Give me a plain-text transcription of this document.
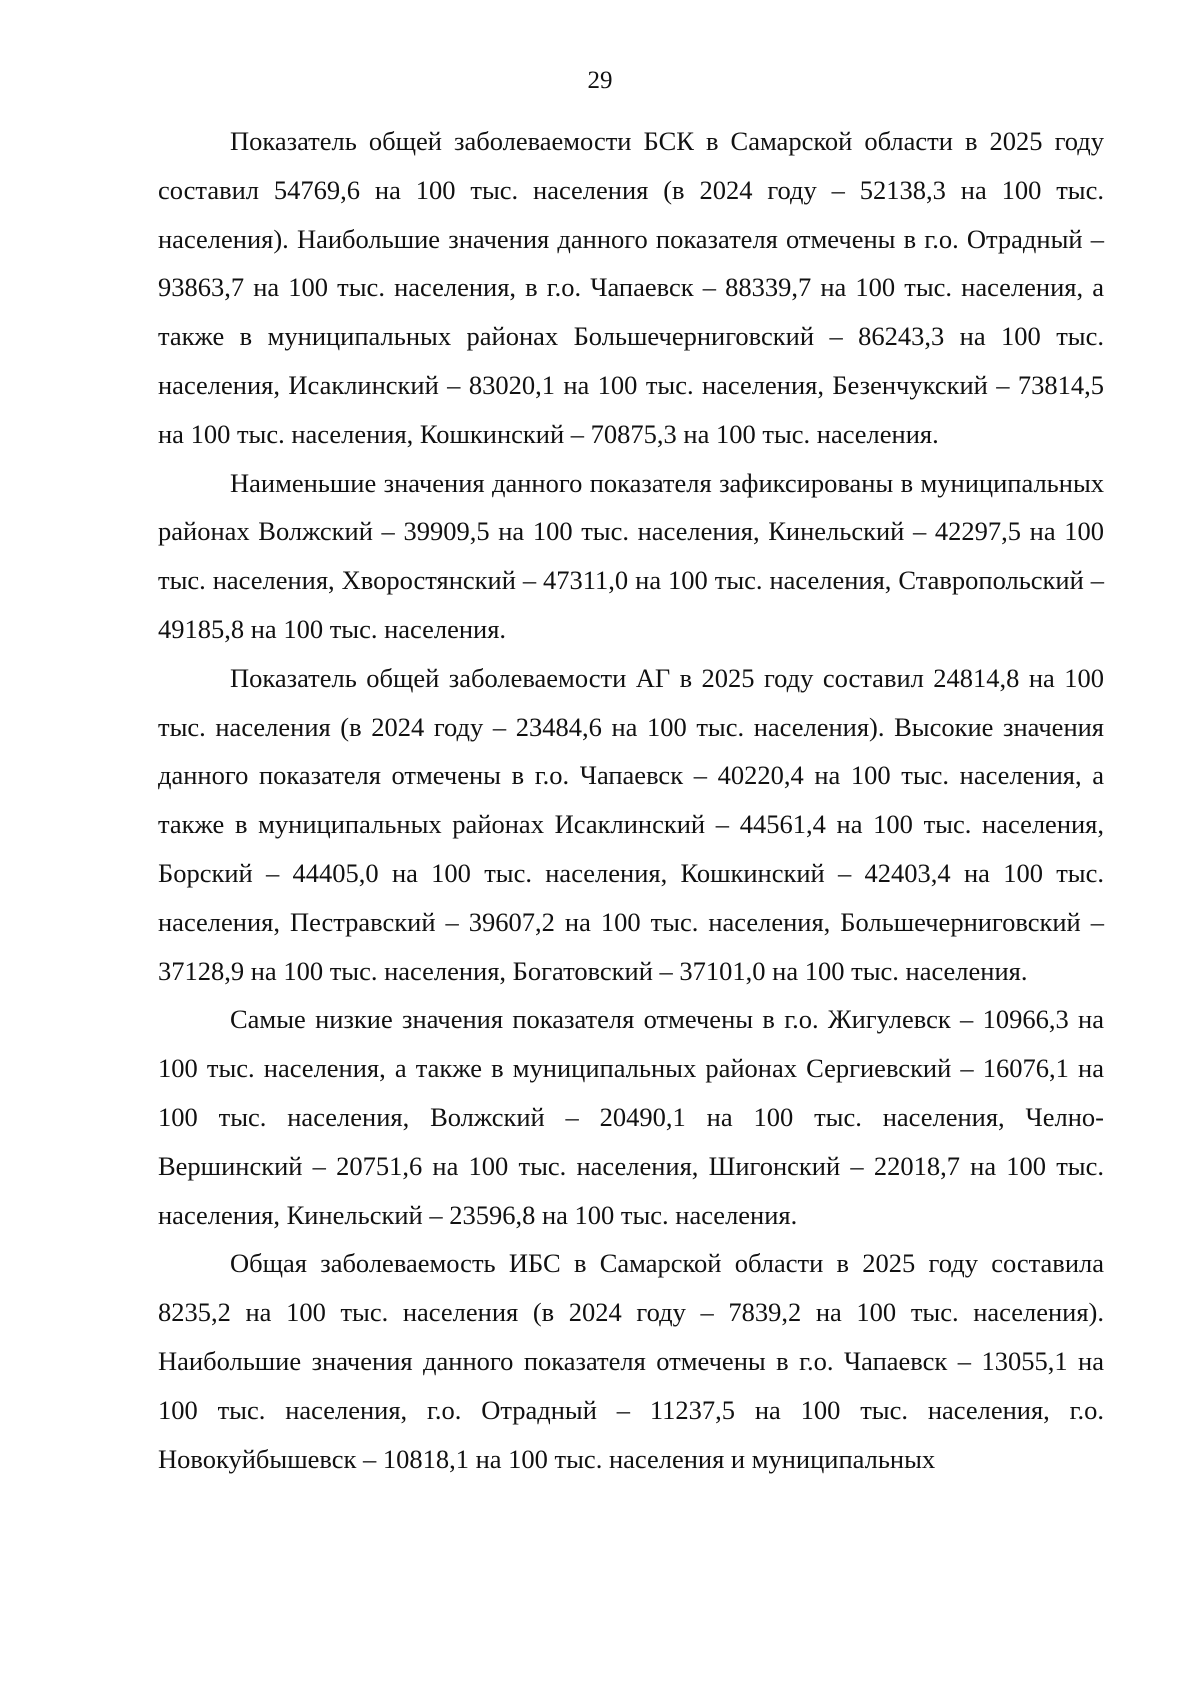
29

Показатель общей заболеваемости БСК в Самарской области в 2025 году составил 54769,6 на 100 тыс. населения (в 2024 году – 52138,3 на 100 тыс. населения). Наибольшие значения данного показателя отмечены в г.о. Отрадный – 93863,7 на 100 тыс. населения, в г.о. Чапаевск – 88339,7 на 100 тыс. населения, а также в муниципальных районах Большечерниговский – 86243,3 на 100 тыс. населения, Исаклинский – 83020,1 на 100 тыс. населения, Безенчукский – 73814,5 на 100 тыс. населения, Кошкинский – 70875,3 на 100 тыс. населения.

Наименьшие значения данного показателя зафиксированы в муниципальных районах Волжский – 39909,5 на 100 тыс. населения, Кинельский – 42297,5 на 100 тыс. населения, Хворостянский – 47311,0 на 100 тыс. населения, Ставропольский – 49185,8 на 100 тыс. населения.

Показатель общей заболеваемости АГ в 2025 году составил 24814,8 на 100 тыс. населения (в 2024 году – 23484,6 на 100 тыс. населения). Высокие значения данного показателя отмечены в г.о. Чапаевск – 40220,4 на 100 тыс. населения, а также в муниципальных районах Исаклинский – 44561,4 на 100 тыс. населения, Борский – 44405,0 на 100 тыс. населения, Кошкинский – 42403,4 на 100 тыс. населения, Пестравский – 39607,2 на 100 тыс. населения, Большечерниговский – 37128,9 на 100 тыс. населения, Богатовский – 37101,0 на 100 тыс. населения.

Самые низкие значения показателя отмечены в г.о. Жигулевск – 10966,3 на 100 тыс. населения, а также в муниципальных районах Сергиевский – 16076,1 на 100 тыс. населения, Волжский – 20490,1 на 100 тыс. населения, Челно-Вершинский – 20751,6 на 100 тыс. населения, Шигонский – 22018,7 на 100 тыс. населения, Кинельский – 23596,8 на 100 тыс. населения.

Общая заболеваемость ИБС в Самарской области в 2025 году составила 8235,2 на 100 тыс. населения (в 2024 году – 7839,2 на 100 тыс. населения). Наибольшие значения данного показателя отмечены в г.о. Чапаевск – 13055,1 на 100 тыс. населения, г.о. Отрадный – 11237,5 на 100 тыс. населения, г.о. Новокуйбышевск – 10818,1 на 100 тыс. населения и муниципальных
